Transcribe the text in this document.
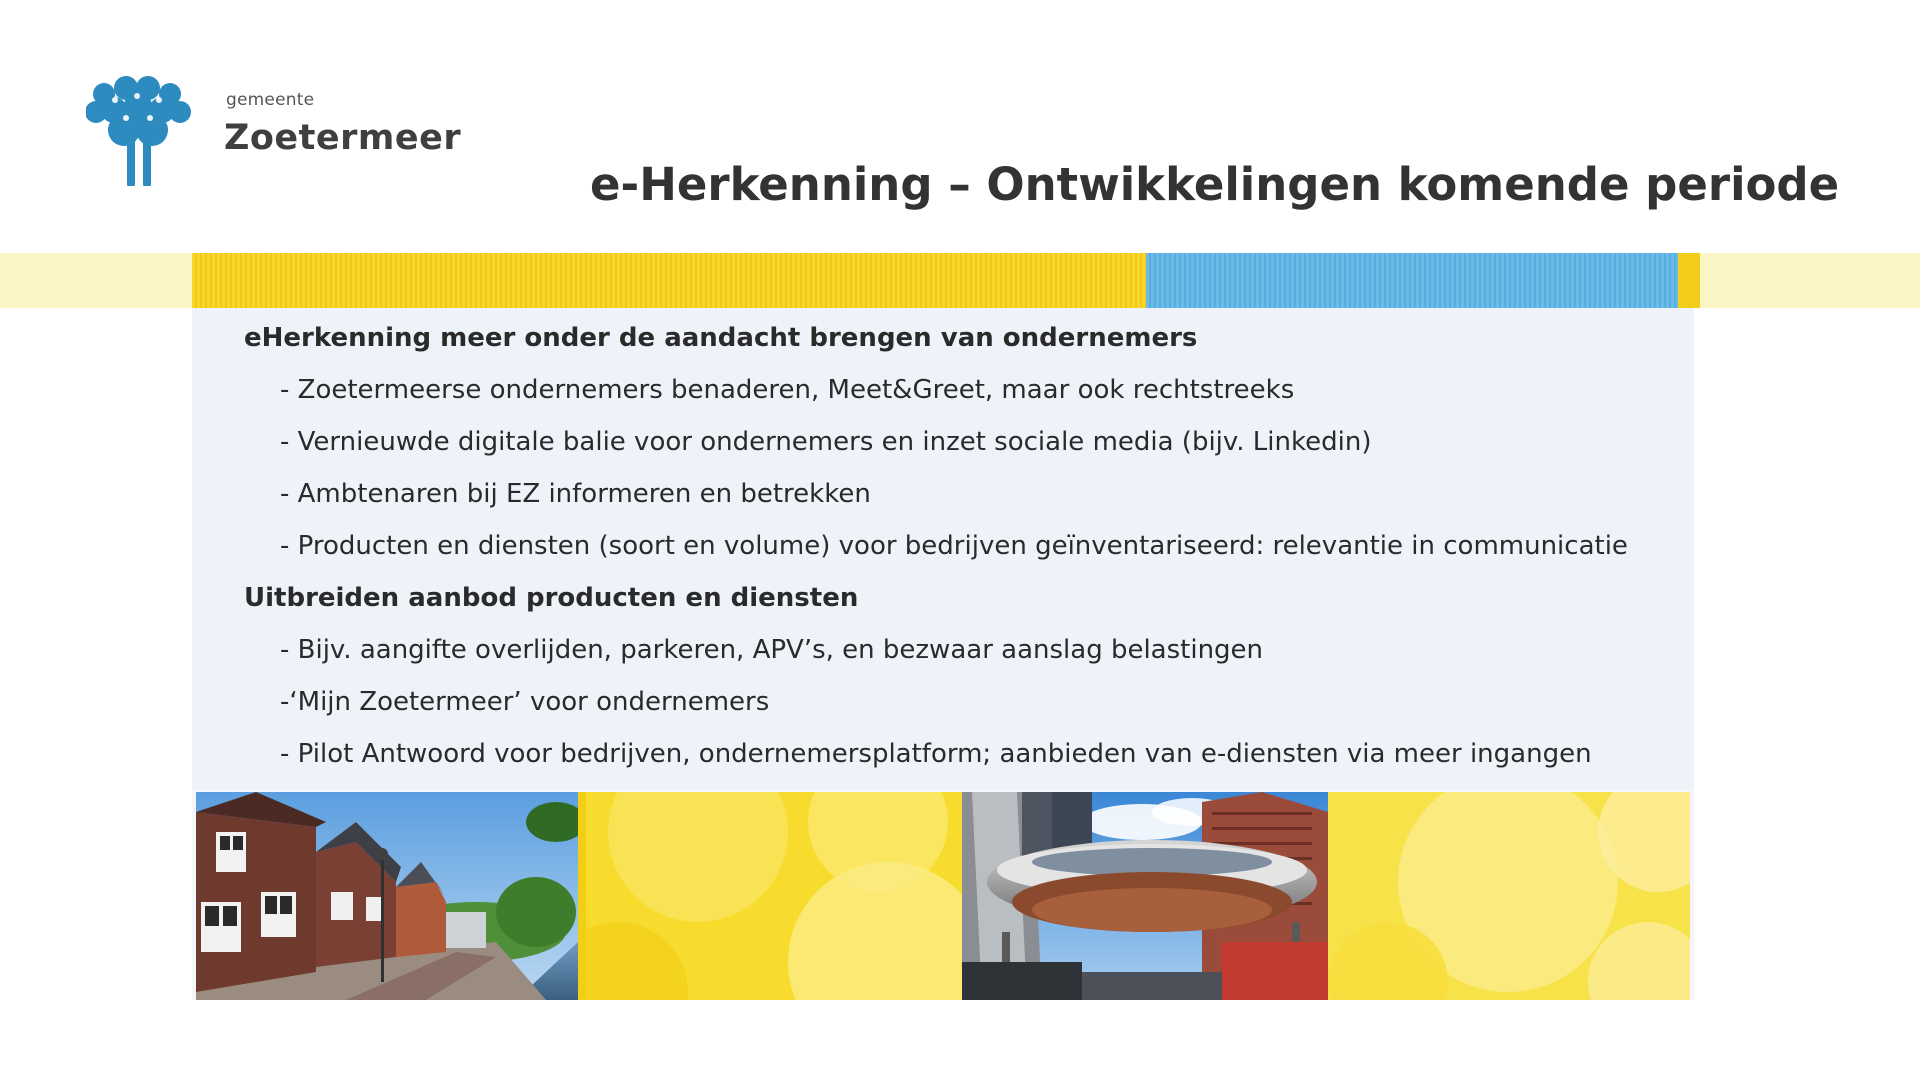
gemeente
Zoetermeer
e-Herkenning – Ontwikkelingen komende periode
eHerkenning meer onder de aandacht brengen van ondernemers
- Zoetermeerse ondernemers benaderen, Meet&Greet, maar ook rechtstreeks
- Vernieuwde digitale balie voor ondernemers en inzet sociale media (bijv. Linkedin)
- Ambtenaren bij EZ informeren en betrekken
- Producten en diensten (soort en volume) voor bedrijven geïnventariseerd: relevantie in communicatie
Uitbreiden aanbod producten en diensten
- Bijv. aangifte overlijden, parkeren, APV’s, en bezwaar aanslag belastingen
-‘Mijn Zoetermeer’ voor ondernemers
- Pilot Antwoord voor bedrijven, ondernemersplatform; aanbieden van e-diensten via meer ingangen
